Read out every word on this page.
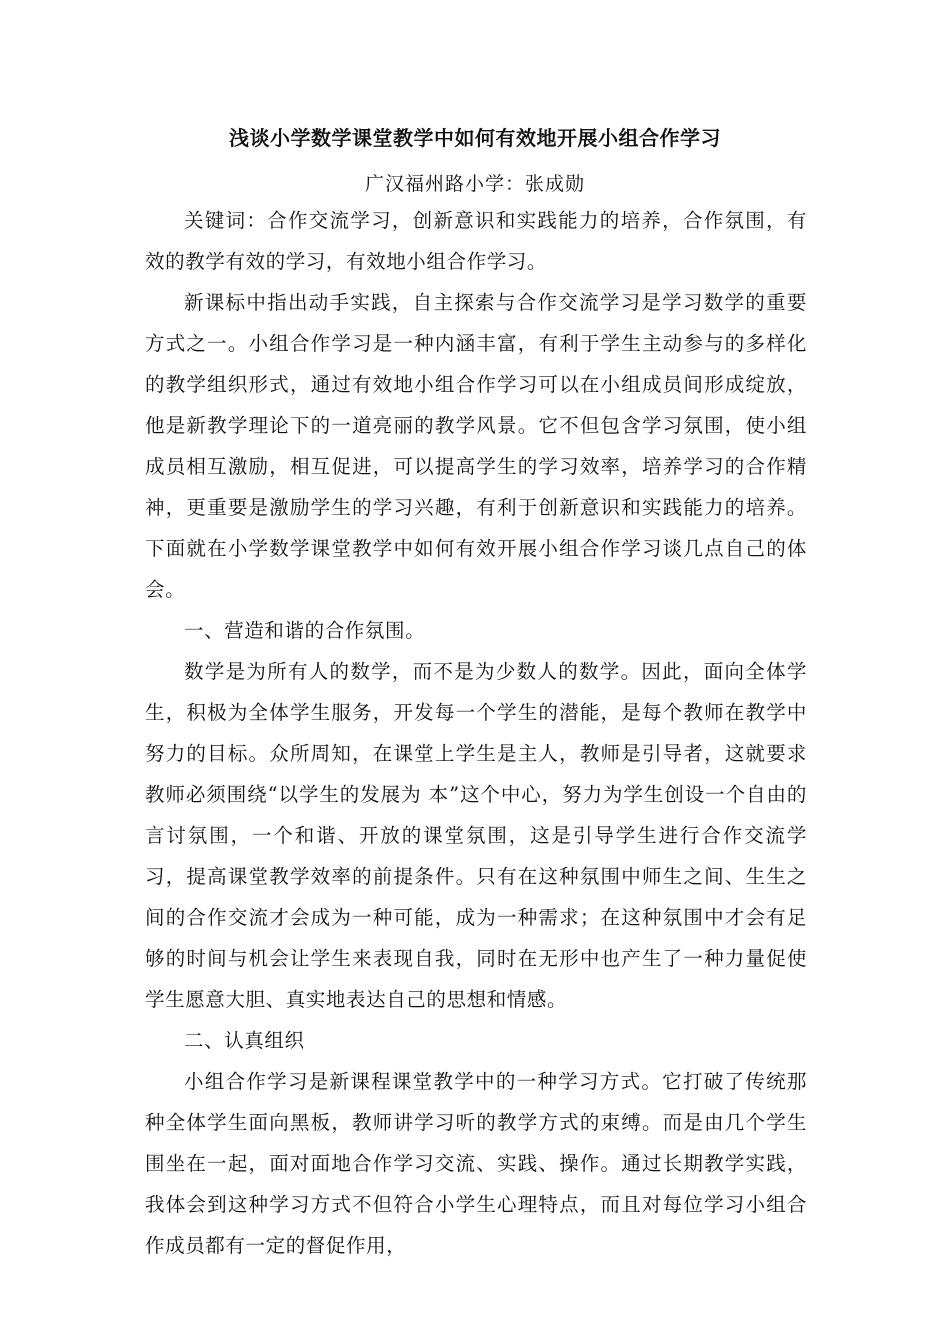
浅谈小学数学课堂教学中如何有效地开展小组合作学习
广汉福州路小学：张成勋

关键词：合作交流学习，创新意识和实践能力的培养，合作氛围，有效的教学有效的学习，有效地小组合作学习。

新课标中指出动手实践，自主探索与合作交流学习是学习数学的重要方式之一。小组合作学习是一种内涵丰富，有利于学生主动参与的多样化的教学组织形式，通过有效地小组合作学习可以在小组成员间形成绽放，他是新教学理论下的一道亮丽的教学风景。它不但包含学习氛围，使小组成员相互激励，相互促进，可以提高学生的学习效率，培养学习的合作精神，更重要是激励学生的学习兴趣，有利于创新意识和实践能力的培养。下面就在小学数学课堂教学中如何有效开展小组合作学习谈几点自己的体会。

一、营造和谐的合作氛围。

数学是为所有人的数学，而不是为少数人的数学。因此，面向全体学生，积极为全体学生服务，开发每一个学生的潜能，是每个教师在教学中努力的目标。众所周知，在课堂上学生是主人，教师是引导者，这就要求教师必须围绕“以学生的发展为 本”这个中心，努力为学生创设一个自由的言讨氛围，一个和谐、开放的课堂氛围，这是引导学生进行合作交流学习，提高课堂教学效率的前提条件。只有在这种氛围中师生之间、生生之间的合作交流才会成为一种可能，成为一种需求；在这种氛围中才会有足够的时间与机会让学生来表现自我，同时在无形中也产生了一种力量促使学生愿意大胆、真实地表达自己的思想和情感。

二、认真组织

小组合作学习是新课程课堂教学中的一种学习方式。它打破了传统那种全体学生面向黑板，教师讲学习听的教学方式的束缚。而是由几个学生围坐在一起，面对面地合作学习交流、实践、操作。通过长期教学实践，我体会到这种学习方式不但符合小学生心理特点，而且对每位学习小组合作成员都有一定的督促作用，
